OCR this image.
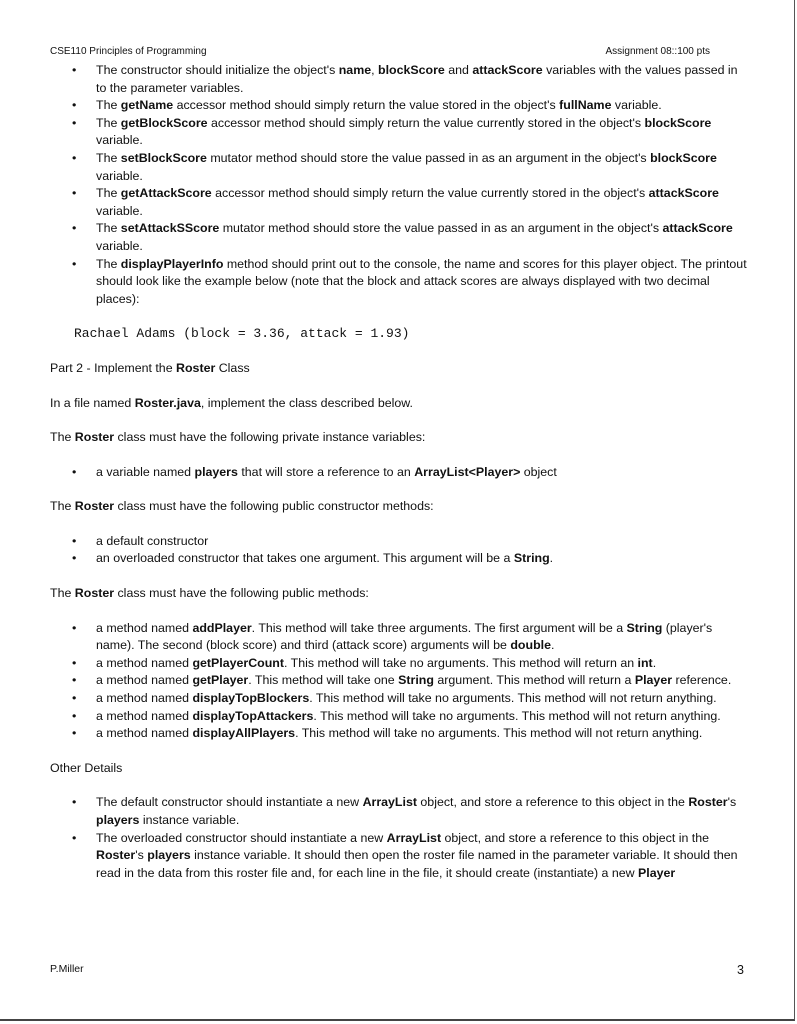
CSE110 Principles of Programming	Assignment 08::100 pts
• The constructor should initialize the object's name, blockScore and attackScore variables with the values passed in to the parameter variables.
• The getName accessor method should simply return the value stored in the object's fullName variable.
• The getBlockScore accessor method should simply return the value currently stored in the object's blockScore variable.
• The setBlockScore mutator method should store the value passed in as an argument in the object's blockScore variable.
• The getAttackScore accessor method should simply return the value currently stored in the object's attackScore variable.
• The setAttackSScore mutator method should store the value passed in as an argument in the object's attackScore variable.
• The displayPlayerInfo method should print out to the console, the name and scores for this player object. The printout should look like the example below (note that the block and attack scores are always displayed with two decimal places):

Rachael Adams (block = 3.36, attack = 1.93)

Part 2 - Implement the Roster Class

In a file named Roster.java, implement the class described below.

The Roster class must have the following private instance variables:

• a variable named players that will store a reference to an ArrayList<Player> object

The Roster class must have the following public constructor methods:

• a default constructor
• an overloaded constructor that takes one argument. This argument will be a String.

The Roster class must have the following public methods:

• a method named addPlayer. This method will take three arguments. The first argument will be a String (player's name). The second (block score) and third (attack score) arguments will be double.
• a method named getPlayerCount. This method will take no arguments. This method will return an int.
• a method named getPlayer. This method will take one String argument. This method will return a Player reference.
• a method named displayTopBlockers. This method will take no arguments. This method will not return anything.
• a method named displayTopAttackers. This method will take no arguments. This method will not return anything.
• a method named displayAllPlayers. This method will take no arguments. This method will not return anything.

Other Details

• The default constructor should instantiate a new ArrayList object, and store a reference to this object in the Roster's players instance variable.
• The overloaded constructor should instantiate a new ArrayList object, and store a reference to this object in the Roster's players instance variable. It should then open the roster file named in the parameter variable. It should then read in the data from this roster file and, for each line in the file, it should create (instantiate) a new Player
P.Miller	3
